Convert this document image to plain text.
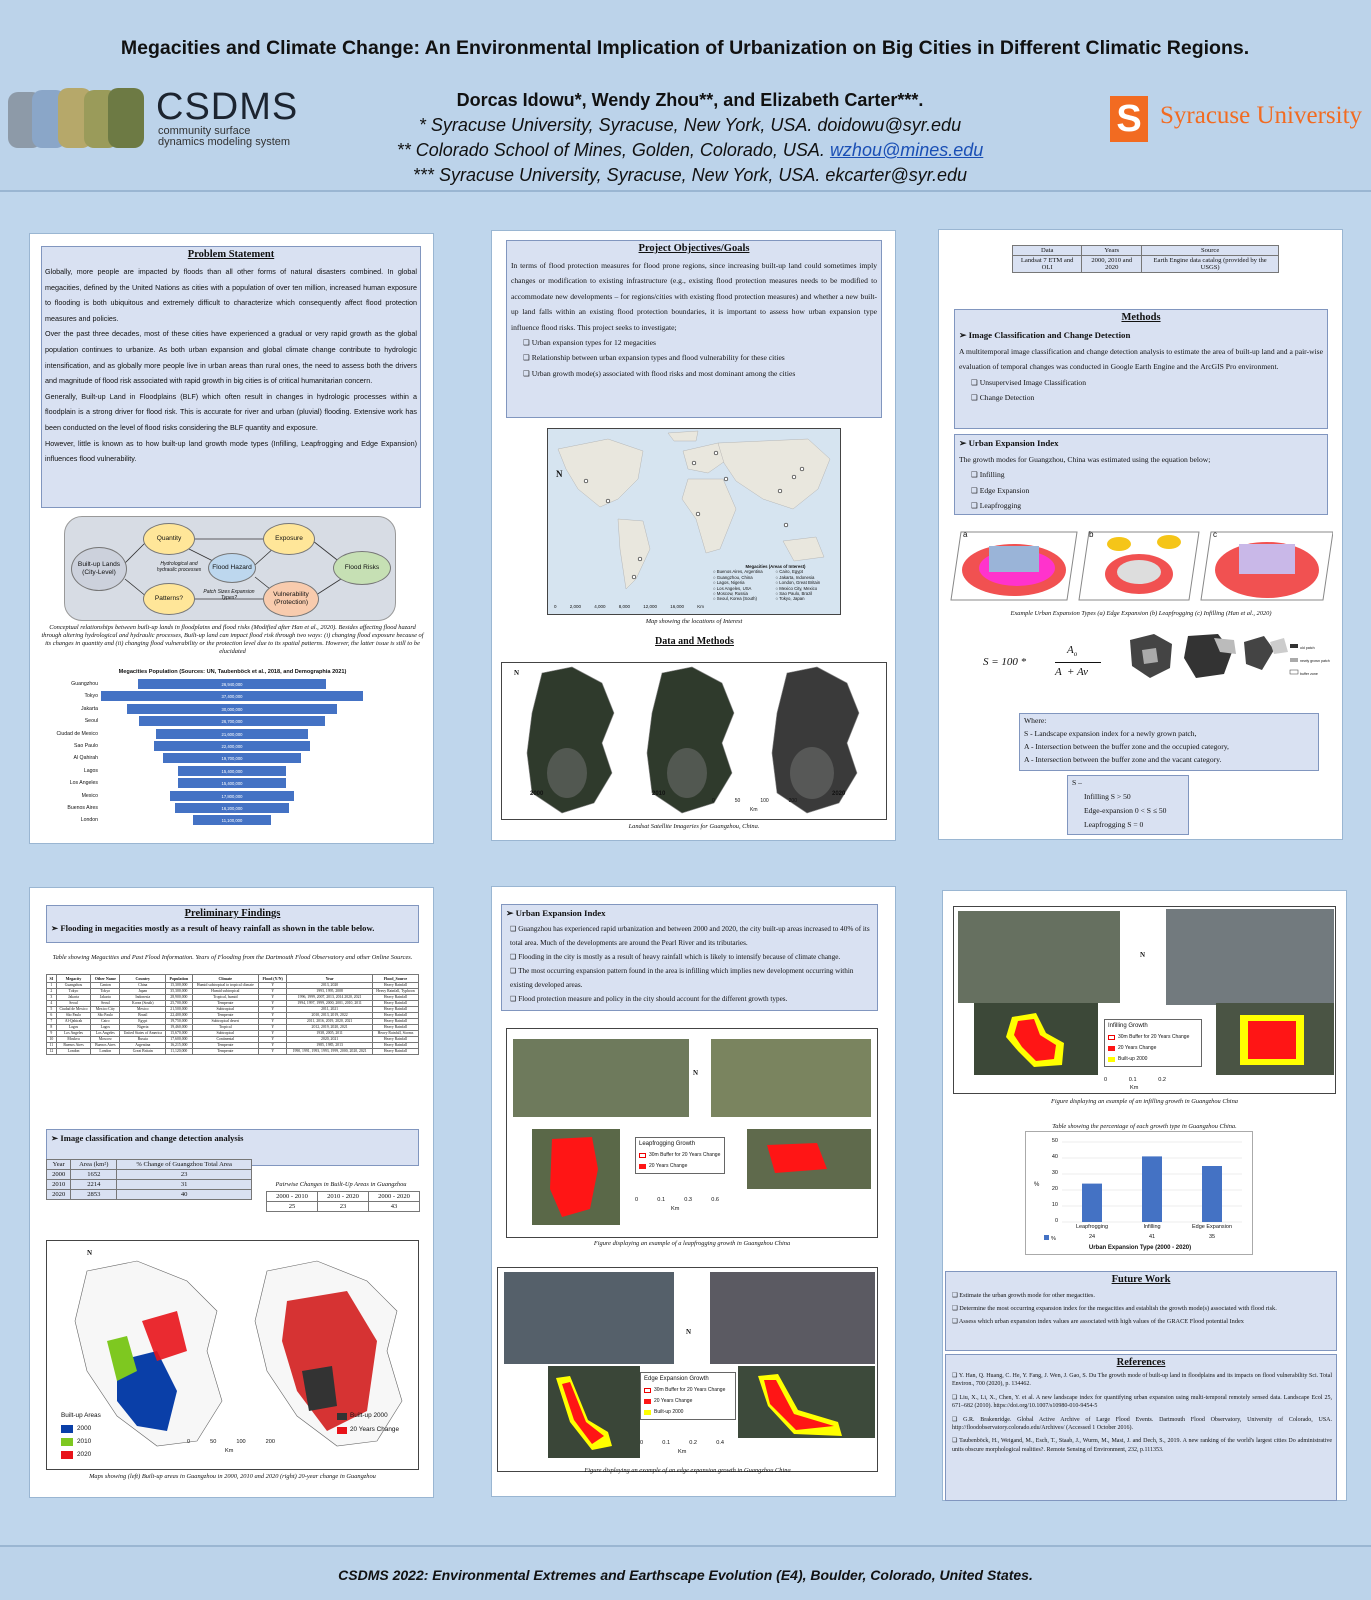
CSDMS
community surface
dynamics modeling system
Megacities and Climate Change: An Environmental Implication of Urbanization on Big Cities in Different Climatic Regions.
Dorcas Idowu*, Wendy Zhou**, and Elizabeth Carter***.
* Syracuse University, Syracuse, New York, USA. doidowu@syr.edu
** Colorado School of Mines, Golden, Colorado, USA. wzhou@mines.edu
*** Syracuse University, Syracuse, New York, USA. ekcarter@syr.edu
S Syracuse University
Problem Statement
Globally, more people are impacted by floods than all other forms of natural disasters combined. In global megacities, defined by the United Nations as cities with a population of over ten million, increased human exposure to flooding is both ubiquitous and extremely difficult to characterize which consequently affect flood protection measures and policies.
Over the past three decades, most of these cities have experienced a gradual or very rapid growth as the global population continues to urbanize. As both urban expansion and global climate change contribute to hydrologic intensification, and as globally more people live in urban areas than rural ones, the need to assess both the drivers and magnitude of flood risk associated with rapid growth in big cities is of critical humanitarian concern.
Generally, Built-up Land in Floodplains (BLF) which often result in changes in hydrologic processes within a floodplain is a strong driver for flood risk. This is accurate for river and urban (pluvial) flooding. Extensive work has been conducted on the level of flood risks considering the BLF quantity and exposure.
However, little is known as to how built-up land growth mode types (Infilling, Leapfrogging and Edge Expansion) influences flood vulnerability.
Built-up Lands (City-Level)
Quantity	Exposure
Flood Hazard	Flood Risks
Patterns?
Vulnerability (Protection)
Hydrological and hydraulic processes
Patch Sizes Expansion Types?
Conceptual relationships between built-up lands in floodplains and flood risks (Modified after Han et al., 2020). Besides affecting flood hazard through altering hydrological and hydraulic processes, Built-up land can impact flood risk through two ways: (i) changing flood exposure because of its changes in quantity and (ii) changing flood vulnerability or the protection level due to its spatial patterns. However, the latter issue is still to be elucidated
Megacities Population (Sources: UN, Taubenböck et al., 2018, and Demographia 2021)
Guangzhou	26,940,000
Tokyo	37,400,000
Jakarta	30,000,000
Seoul	26,700,000
Ciudad de Mexico	21,600,000
Sao Paulo	22,400,000
Al Qahirah	19,700,000
Lagos	15,400,000
Los Angeles	15,400,000
Mexico	17,800,000
Buenos Aires	16,200,000
London	11,100,000
Project Objectives/Goals
In terms of flood protection measures for flood prone regions, since increasing built-up land could sometimes imply changes or modification to existing infrastructure (e.g., existing flood protection measures needs to be modified to accommodate new developments – for regions/cities with existing flood protection measures) and whether a new built-up land falls within an existing flood protection boundaries, it is important to assess how urban expansion type influence flood risks. This project seeks to investigate;
❑ Urban expansion types for 12 megacities
❑ Relationship between urban expansion types and flood vulnerability for these cities
❑ Urban growth mode(s) associated with flood risks and most dominant among the cities
N
Megacities (Areas of Interest)
○ Buenos Aires, Argentina	○ Cairo, Egypt
○ Guangzhou, China	○ Jakarta, Indonesia
○ Lagos, Nigeria	○ London, Great Britain
○ Los Angeles, USA	○ Mexico City, Mexico
○ Moscow, Russia	○ Sao Paulo, Brazil
○ Seoul, Korea (South)	○ Tokyo, Japan
0	2,000	4,000	8,000	12,000	16,000	Km
Map showing the locations of Interest
Data and Methods
N
2000	2010	2020
0	50	100	200
Km
Landsat Satellite Imageries for Guangzhou, China.
Data	Years	Source
Landsat 7 ETM and OLI	2000, 2010 and 2020	Earth Engine data catalog (provided by the USGS)
Methods
➢ Image Classification and Change Detection
A multitemporal image classification and change detection analysis to estimate the area of built-up land and a pair-wise evaluation of temporal changes was conducted in Google Earth Engine and the ArcGIS Pro environment.
❑ Unsupervised Image Classification
❑ Change Detection
➢ Urban Expansion Index
The growth modes for Guangzhou, China was estimated using the equation below;
❑ Infilling
❑ Edge Expansion
❑ Leapfrogging
a	b	c
Example Urban Expansion Types (a) Edge Expansion (b) Leapfrogging (c) Infilling (Han et al., 2020)
S = 100 *
$A_o$
A  + Av
old patch
newly grown patch
buffer zone
Where:
S - Landscape expansion index for a newly grown patch,
A - Intersection between the buffer zone and the occupied category,
A - Intersection between the buffer zone and the vacant category.
S –
Infilling S > 50
Edge-expansion 0 < S ≤ 50
Leapfrogging S = 0
Preliminary Findings
➢ Flooding in megacities mostly as a result of heavy rainfall as shown in the table below.
Table showing Megacities and Past Flood Information. Years of Flooding from the Dartmouth Flood Observatory and other Online Sources.
SI	Megacity	Other Name	Country	Population	Climate	Flood (Y/N)	Year	Flood_Source
1	Guangzhou	Canton	China	15,300,000	Humid subtropical to tropical climate	Y	2013, 2020	Heavy Rainfall
2	Tokyo	Tokyo	Japan	35,300,000	Humid subtropical	Y	1993, 1995, 2008	Heavy Rainfall, Typhoon
3	Jakarta	Jakarta	Indonesia	28,900,000	Tropical, humid	Y	1996, 1999, 2007, 2013, 2014 2020, 2021	Heavy Rainfall
4	Seoul	Seoul	Korea (South)	25,700,000	Temperate	Y	1994, 1997, 1999, 2000, 2001, 2010, 2011	Heavy Rainfall
5	Ciudad de Mexico	Mexico City	Mexico	21,500,000	Subtropical	Y	2011, 2021	Heavy Rainfall
6	São Paulo	São Paulo	Brazil	22,400,000	Temperate	Y	2010, 2013, 2019, 2022	Heavy Rainfall
7	Al-Qahirah	Cairo	Egypt	19,750,000	Subtropical desert	Y	2011, 2016, 2019, 2020, 2021	Heavy Rainfall
8	Lagos	Lagos	Nigeria	19,460,000	Tropical	Y	2012, 2019, 2020, 2021	Heavy Rainfall
9	Los Angeles	Los Angeles	United States of America	15,670,000	Subtropical	Y	1938, 2005, 2011	Heavy Rainfall, Storms
10	Moskva	Moscow	Russia	17,600,000	Continental	Y	2020, 2021	Heavy Rainfall
11	Buenos Aires	Buenos Aires	Argentina	16,215,000	Temperate	Y	1985, 1985, 2013	Heavy Rainfall
12	London	London	Great Britain	11,120,000	Temperate	Y	1990, 1991, 1993, 1993, 1999, 2000, 2020, 2021	Heavy Rainfall
➢ Image classification and change detection analysis
Year	Area (km²)	% Change of Guangzhou Total Area
2000	1652	23
2010	2214	31
2020	2853	40
Pairwise Changes in Built-Up Areas in Guangzhou
2000 - 2010	2010 - 2020	2000 - 2020
25	23	43
N
Built-up Areas
2000
2010
2020
Built-up 2000
20 Years Change
0	50	100	200
Km
Maps showing (left) Built-up areas in Guangzhou in 2000, 2010 and 2020 (right) 20-year change in Guangzhou
➢ Urban Expansion Index
❑ Guangzhou has experienced rapid urbanization and between 2000 and 2020, the city built-up areas increased to 40% of its total area. Much of the developments are around the Pearl River and its tributaries.
❑ Flooding in the city is mostly as a result of heavy rainfall which is likely to intensify because of climate change.
❑ The most occurring expansion pattern found in the area is infilling which implies new development occurring within existing developed areas.
❑ Flood protection measure and policy in the city should account for the different growth types.
N
Leapfrogging Growth
30m Buffer for 20 Years Change
20 Years Change
0	0.1	0.3	0.6
Km
Figure displaying an example of a leapfrogging growth in Guangzhou China
N
Edge Expansion Growth
30m Buffer for 20 Years Change
20 Years Change
Built-up 2000
0	0.1	0.2	0.4
Km
Figure displaying an example of an edge expansion growth in Guangzhou China
N
Infilling Growth
30m Buffer for 20 Years Change
20 Years Change
Built-up 2000
0	0.1	0.2
Km
Figure displaying an example of an infilling growth in Guangzhou China
Table showing the percentage of each growth type in Guangzhou China.
%
50
40
30
20
10
0
Leapfrogging	Infilling	Edge Expansion
%	24	41	35
Urban Expansion Type (2000 - 2020)
Future Work
❑ Estimate the urban growth mode for other megacities.
❑ Determine the most occurring expansion index for the megacities and establish the growth mode(s) associated with flood risk.
❑ Assess which urban expansion index values are associated with high values of the GRACE Flood potential Index
References
❑ Y. Han, Q. Huang, C. He, Y. Fang, J. Wen, J. Gao, S. Du The growth mode of built-up land in floodplains and its impacts on flood vulnerability Sci. Total Environ., 700 (2020), p. 134462.
❑ Liu, X., Li, X., Chen, Y. et al. A new landscape index for quantifying urban expansion using multi-temporal remotely sensed data. Landscape Ecol 25, 671–682 (2010). https://doi.org/10.1007/s10980-010-9454-5
❑ G.R. Brakenridge. Global Active Archive of Large Flood Events. Dartmouth Flood Observatory, University of Colorado, USA. http://floodobservatory.colorado.edu/Archives/ (Accessed 1 October 2016).
❑ Taubenböck, H., Weigand, M., Esch, T., Staab, J., Wurm, M., Mast, J. and Dech, S., 2019. A new ranking of the world's largest cities Do administrative units obscure morphological realities?. Remote Sensing of Environment, 232, p.111353.
CSDMS 2022: Environmental Extremes and Earthscape Evolution (E4), Boulder, Colorado, United States.
